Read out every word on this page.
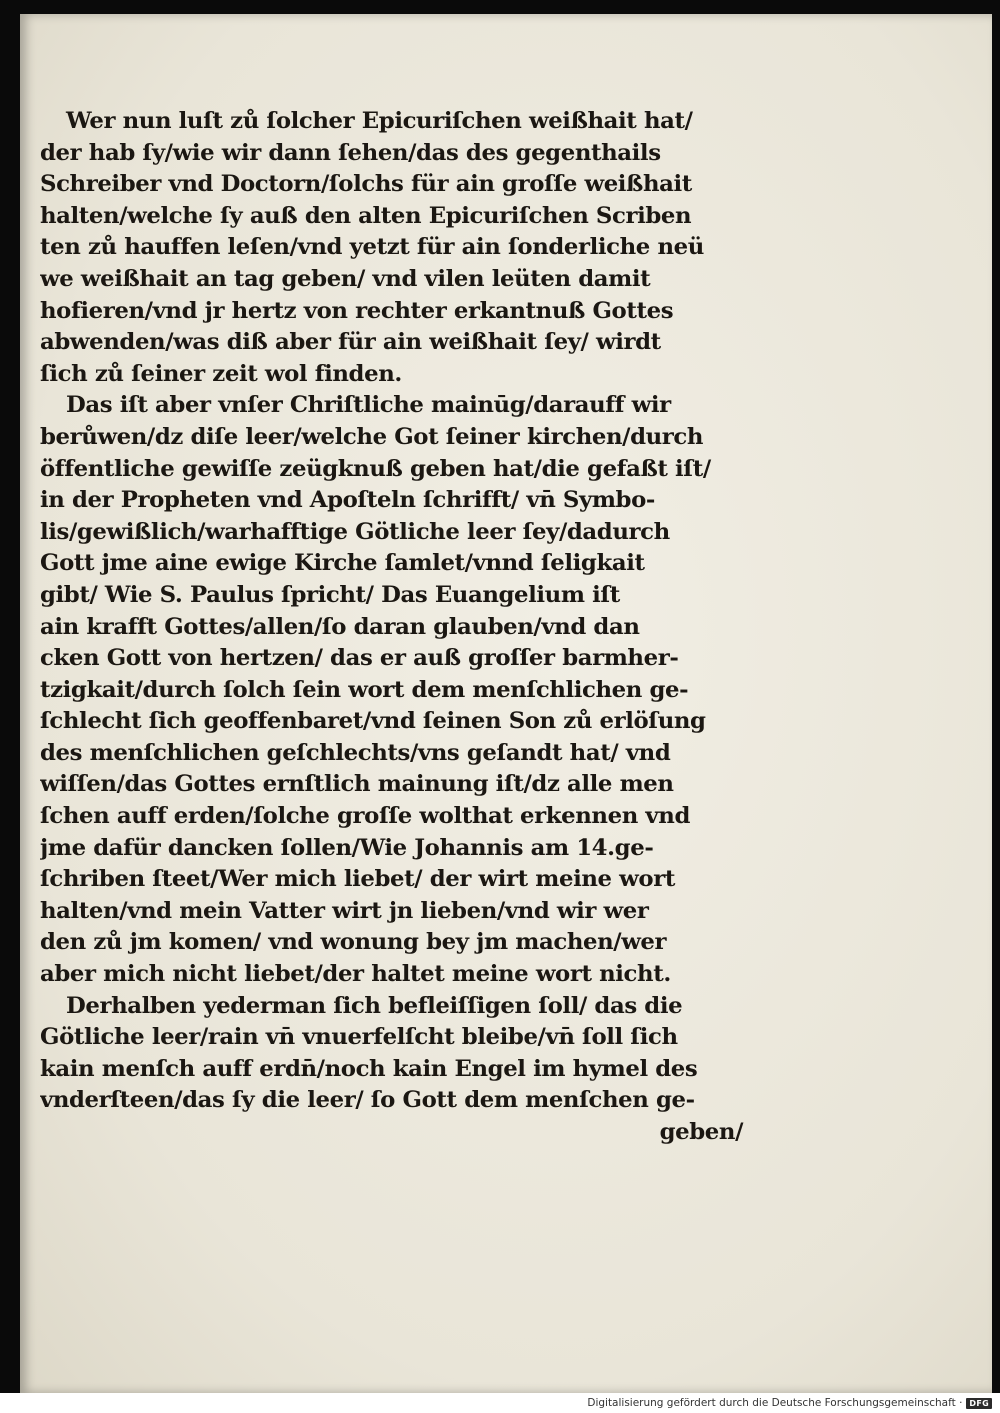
Wer nun luſt zů ſolcher Epicuriſchen weißhait hat/
der hab ſy/wie wir dann ſehen/das des gegenthails
Schreiber vnd Doctorn/ſolchs für ain groſſe weißhait
halten/welche ſy auß den alten Epicuriſchen Scriben
ten zů hauffen leſen/vnd yetzt für ain ſonderliche neü
we weißhait an tag geben/ vnd vilen leüten damit
hofieren/vnd jr hertz von rechter erkantnuß Gottes
abwenden/was diß aber für ain weißhait ſey/ wirdt
ſich zů ſeiner zeit wol finden.
Das iſt aber vnſer Chriſtliche mainūg/darauff wir
berůwen/dz diſe leer/welche Got ſeiner kirchen/durch
öffentliche gewiſſe zeügknuß geben hat/die gefaßt iſt/
in der Propheten vnd Apoſteln ſchrifft/ vn̄ Symbo-
lis/gewißlich/warhafftige Götliche leer ſey/dadurch
Gott jme aine ewige Kirche ſamlet/vnnd ſeligkait
gibt/ Wie S. Paulus ſpricht/ Das Euangelium iſt
ain krafft Gottes/allen/ſo daran glauben/vnd dan
cken Gott von hertzen/ das er auß groſſer barmher-
tzigkait/durch ſolch ſein wort dem menſchlichen ge-
ſchlecht ſich geoffenbaret/vnd ſeinen Son zů erlöſung
des menſchlichen geſchlechts/vns geſandt hat/ vnd
wiſſen/das Gottes ernſtlich mainung iſt/dz alle men
ſchen auff erden/ſolche groſſe wolthat erkennen vnd
jme dafür dancken ſollen/Wie Johannis am 14.ge-
ſchriben ſteet/Wer mich liebet/ der wirt meine wort
halten/vnd mein Vatter wirt jn lieben/vnd wir wer
den zů jm komen/ vnd wonung bey jm machen/wer
aber mich nicht liebet/der haltet meine wort nicht.
Derhalben yederman ſich befleiſſigen ſoll/ das die
Götliche leer/rain vn̄ vnuerfelſcht bleibe/vn̄ ſoll ſich
kain menſch auff erdn̄/noch kain Engel im hymel des
vnderſteen/das ſy die leer/ ſo Gott dem menſchen ge-
geben/
Digitalisierung gefördert durch die Deutsche Forschungsgemeinschaft · DFG
